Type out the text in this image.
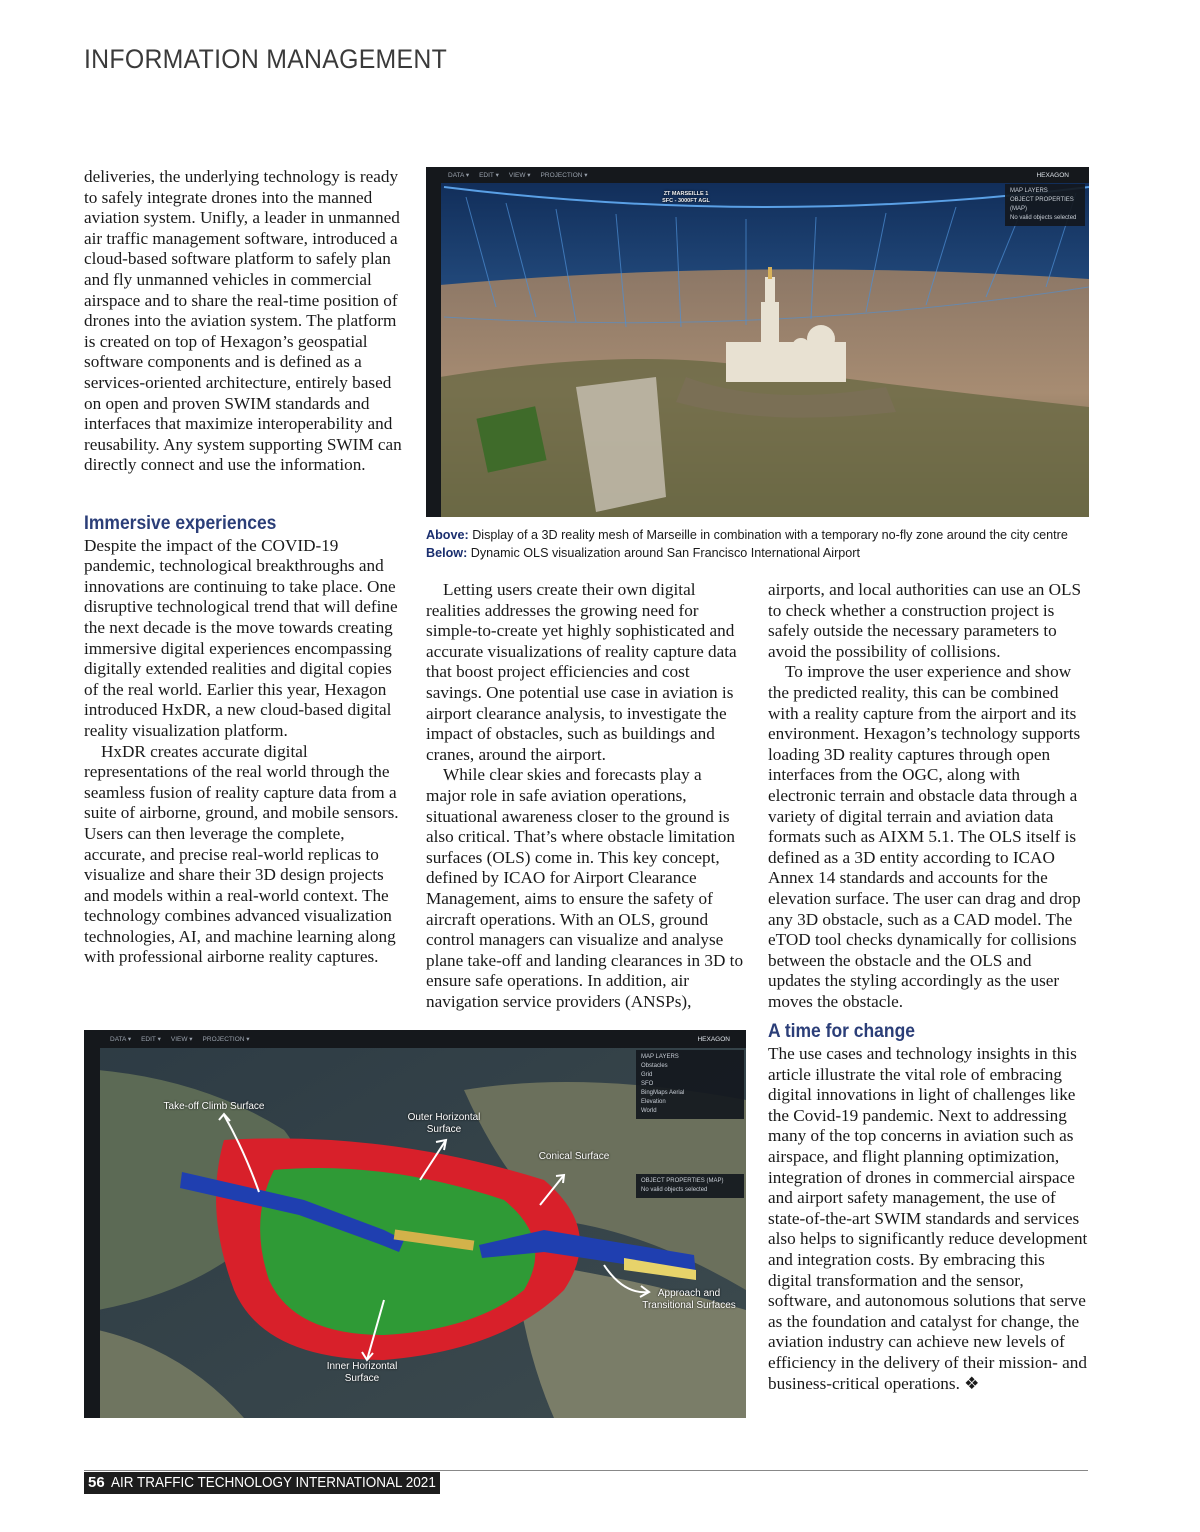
INFORMATION MANAGEMENT

deliveries, the underlying technology is ready to safely integrate drones into the manned aviation system. Unifly, a leader in unmanned air traffic management software, introduced a cloud-based software platform to safely plan and fly unmanned vehicles in commercial airspace and to share the real-time position of drones into the aviation system. The platform is created on top of Hexagon’s geospatial software components and is defined as a services-oriented architecture, entirely based on open and proven SWIM standards and interfaces that maximize interoperability and reusability. Any system supporting SWIM can directly connect and use the information.

Immersive experiences

Despite the impact of the COVID-19 pandemic, technological breakthroughs and innovations are continuing to take place. One disruptive technological trend that will define the next decade is the move towards creating immersive digital experiences encompassing digitally extended realities and digital copies of the real world. Earlier this year, Hexagon introduced HxDR, a new cloud-based digital reality visualization platform.

HxDR creates accurate digital representations of the real world through the seamless fusion of reality capture data from a suite of airborne, ground, and mobile sensors. Users can then leverage the complete, accurate, and precise real-world replicas to visualize and share their 3D design projects and models within a real-world context. The technology combines advanced visualization technologies, AI, and machine learning along with professional airborne reality captures.

DATA ▾ EDIT ▾ VIEW ▾ PROJECTION ▾	HEXAGON
ZT MARSEILLE 1
SFC - 3000FT AGL
MAP LAYERS
OBJECT PROPERTIES (MAP)
No valid objects selected
Above: Display of a 3D reality mesh of Marseille in combination with a temporary no-fly zone around the city centre
Below: Dynamic OLS visualization around San Francisco International Airport

Letting users create their own digital realities addresses the growing need for simple-to-create yet highly sophisticated and accurate visualizations of reality capture data that boost project efficiencies and cost savings. One potential use case in aviation is airport clearance analysis, to investigate the impact of obstacles, such as buildings and cranes, around the airport.

While clear skies and forecasts play a major role in safe aviation operations, situational awareness closer to the ground is also critical. That’s where obstacle limitation surfaces (OLS) come in. This key concept, defined by ICAO for Airport Clearance Management, aims to ensure the safety of aircraft operations. With an OLS, ground control managers can visualize and analyse plane take-off and landing clearances in 3D to ensure safe operations. In addition, air navigation service providers (ANSPs),

airports, and local authorities can use an OLS to check whether a construction project is safely outside the necessary parameters to avoid the possibility of collisions.

To improve the user experience and show the predicted reality, this can be combined with a reality capture from the airport and its environment. Hexagon’s technology supports loading 3D reality captures through open interfaces from the OGC, along with electronic terrain and obstacle data through a variety of digital terrain and aviation data formats such as AIXM 5.1. The OLS itself is defined as a 3D entity according to ICAO Annex 14 standards and accounts for the elevation surface. The user can drag and drop any 3D obstacle, such as a CAD model. The eTOD tool checks dynamically for collisions between the obstacle and the OLS and updates the styling accordingly as the user moves the obstacle.

A time for change

The use cases and technology insights in this article illustrate the vital role of embracing digital innovations in light of challenges like the Covid-19 pandemic. Next to addressing many of the top concerns in aviation such as airspace, and flight planning optimization, integration of drones in commercial airspace and airport safety management, the use of state-of-the-art SWIM standards and services also helps to significantly reduce development and integration costs. By embracing this digital transformation and the sensor, software, and autonomous solutions that serve as the foundation and catalyst for change, the aviation industry can achieve new levels of efficiency in the delivery of their mission- and business-critical operations. ❖

DATA ▾ EDIT ▾ VIEW ▾ PROJECTION ▾	HEXAGON
MAP LAYERS
Obstacles
Grid
SFO
BingMaps Aerial
Elevation
World
OBJECT PROPERTIES (MAP)
No valid objects selected
Take-off Climb Surface
Outer Horizontal
Surface
Conical Surface
Approach and
Transitional Surfaces
Inner Horizontal
Surface
56 AIR TRAFFIC TECHNOLOGY INTERNATIONAL 2021
